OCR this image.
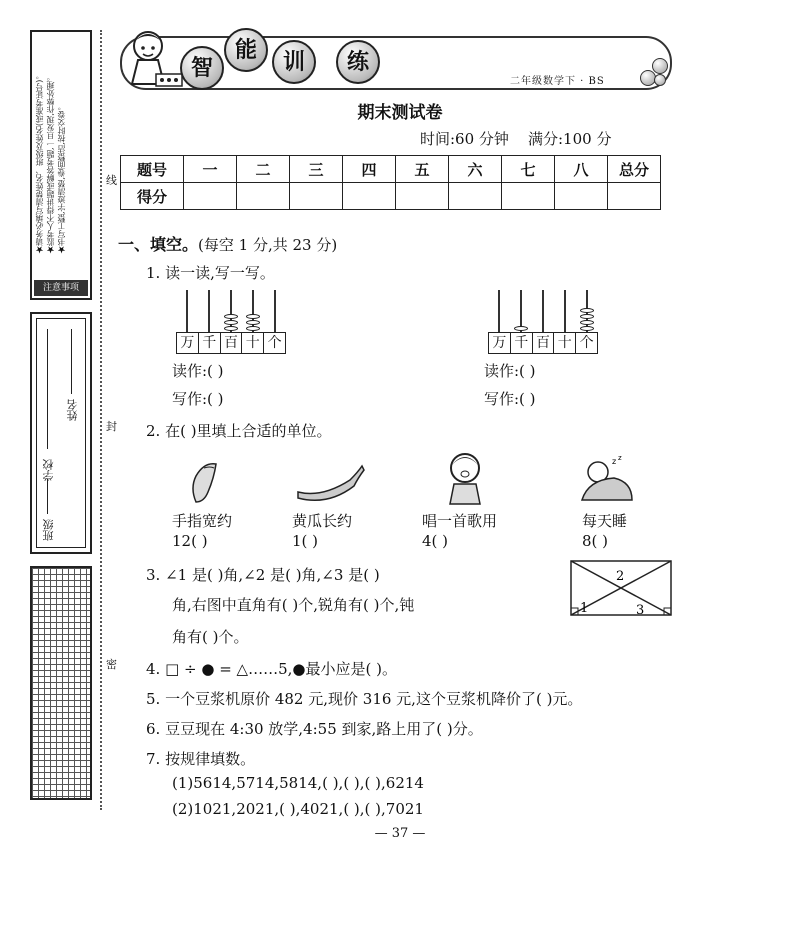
★请务必填写清楚姓名、班级及姓名(或准考证号)。 ★监考人不得讲题或解答考题,一旦发现,作弊处理。 ★书写工整,字迹清楚,卷面整洁,按时交卷。
注意事项
学校
班级
姓名
线
封
密
智
能	训	练
二年级数学下 · BS
期末测试卷
时间:60 分钟 满分:100 分
题号	一	二	三	四	五	六	七	八	总分
得分									
一、填空。(每空 1 分,共 23 分)
1. 读一读,写一写。
万 千 百 十 个	万 千 百 十 个
读作:( )
写作:( )
读作:( )
写作:( )
2. 在( )里填上合适的单位。
z z
手指宽约
12( )
黄瓜长约
1( )
唱一首歌用
4( )
每天睡
8( )
3. ∠1 是( )角,∠2 是( )角,∠3 是( )
角,右图中直角有( )个,锐角有( )个,钝
角有( )个。
1
2
3
4. □ ÷ ● = △……5,●最小应是( )。
5. 一个豆浆机原价 482 元,现价 316 元,这个豆浆机降价了( )元。
6. 豆豆现在 4:30 放学,4:55 到家,路上用了( )分。
7. 按规律填数。
(1)5614,5714,5814,( ),( ),( ),6214
(2)1021,2021,( ),4021,( ),( ),7021
— 37 —
